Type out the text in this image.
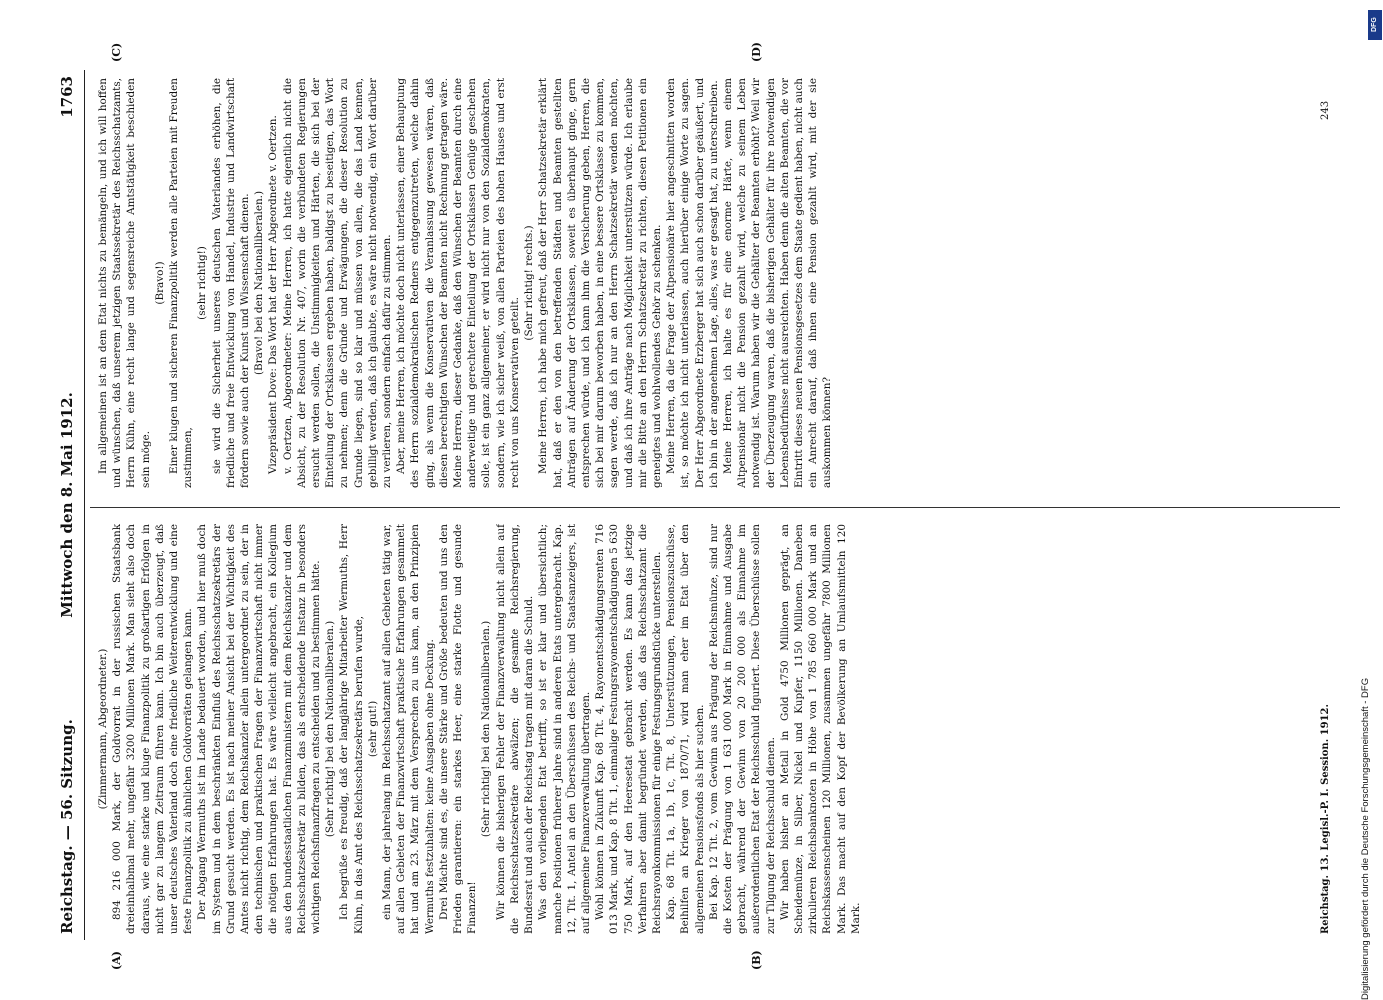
Reichstag. — 56. Sitzung.
Mittwoch den 8. Mai 1912.
1763

(Zimmermann, Abgeordneter.) 894 216 000 Mark, der Goldvorrat in der russischen Staatsbank dreieinhalbmal mehr, ungefähr 3200 Millionen Mark. Man sieht also doch daraus, wie eine starke und kluge Finanzpolitik zu großartigen Erfolgen in nicht gar zu langem Zeitraum führen kann. Ich bin auch überzeugt, daß unser deutsches Vaterland doch eine friedliche Weiterentwicklung und eine feste Finanzpolitik zu ähnlichen Goldvorräten gelangen kann. Der Abgang Wermuths ist im Lande bedauert worden, und hier muß doch im System und in dem beschränkten Einfluß des Reichsschatzsekretärs der Grund gesucht werden. Es ist nach meiner Ansicht bei der Wichtigkeit des Amtes nicht richtig, dem Reichskanzler allein untergeordnet zu sein, der in den technischen und praktischen Fragen der Finanzwirtschaft nicht immer die nötigen Erfahrungen hat. Es wäre vielleicht angebracht, ein Kollegium aus den bundesstaatlichen Finanzministern mit dem Reichskanzler und dem Reichsschatzsekretär zu bilden, das als entscheidende Instanz in besonders wichtigen Reichsfinanzfragen zu entscheiden und zu bestimmen hätte. (Sehr richtig! bei den Nationalliberalen.) Ich begrüße es freudig, daß der langjährige Mitarbeiter Wermuths, Herr Kühn, in das Amt des Reichsschatzsekretärs berufen wurde, (sehr gut!) ein Mann, der jahrelang im Reichsschatzamt auf allen Gebieten tätig war, auf allen Gebieten der Finanzwirtschaft praktische Erfahrungen gesammelt hat und am 23. März mit dem Versprechen zu uns kam, an den Prinzipien Wermuths festzuhalten: keine Ausgaben ohne Deckung. Drei Mächte sind es, die unsere Stärke und Größe bedeuten und uns den Frieden garantieren: ein starkes Heer, eine starke Flotte und gesunde Finanzen!

(Sehr richtig! bei den Nationalliberalen.) Wir können die bisherigen Fehler der Finanzverwaltung nicht allein auf die Reichsschatzsekretäre abwälzen; die gesamte Reichsregierung, Bundesrat und auch der Reichstag tragen mit daran die Schuld. Was den vorliegenden Etat betrifft, so ist er klar und übersichtlich; manche Positionen früherer Jahre sind in anderen Etats untergebracht. Kap. 12, Tit. 1, Anteil an den Überschüssen des Reichs- und Staatsanzeigers, ist auf allgemeine Finanzverwaltung übertragen. Wohl können in Zukunft Kap. 68 Tit. 4, Rayonentschädigungsrenten 716 013 Mark, und Kap. 8 Tit. 1, einmalige Festungsrayonentschädigungen 5 630 750 Mark, auf den Heeresetat gebracht werden. Es kann das jetzige Verfahren aber damit begründet werden, daß das Reichsschatzamt die Reichsrayonkommissionen für einige Festungsgrundstücke unterstellen. Kap. 68 Tit. 1a, 1b, 1c, Tit. 8, Unterstützungen, Pensionszuschüsse, Beihilfen an Krieger von 1870/71, wird man eher im Etat über den allgemeinen Pensionsfonds als hier suchen. Bei Kap. 12 Tit. 2, vom Gewinn aus Prägung der Reichsmünze, sind nur die Kosten der Prägung von 1 631 000 Mark in Einnahme und Ausgabe gebracht, während der Gewinn von 20 200 000 als Einnahme im außerordentlichen Etat der Reichsschuld figuriert. Diese Überschüsse sollen zur Tilgung der Reichsschuld dienen. Wir haben bisher an Metall in Gold 4750 Millionen geprägt, an Scheidemünze, in Silber, Nickel und Kupfer, 1150 Millionen. Daneben zirkulieren Reichsbanknoten in Höhe von 1 785 660 000 Mark und an Reichskassenscheinen 120 Millionen, zusammen ungefähr 7800 Millionen Mark. Das macht auf den Kopf der Bevölkerung an Umlaufsmitteln 120 Mark.

Im allgemeinen ist an dem Etat nichts zu bemängeln, und ich will hoffen und wünschen, daß unserem jetzigen Staatssekretär des Reichsschatzamts, Herrn Kühn, eine recht lange und segensreiche Amtstätigkeit beschieden sein möge.

(Bravo!) Einer klugen und sicheren Finanzpolitik werden alle Parteien mit Freuden zustimmen,

(sehr richtig!) sie wird die Sicherheit unseres deutschen Vaterlandes erhöhen, die friedliche und freie Entwicklung von Handel, Industrie und Landwirtschaft fördern sowie auch der Kunst und Wissenschaft dienen. (Bravo! bei den Nationalliberalen.) Vizepräsident Dove: Das Wort hat der Herr Abgeordnete v. Oertzen. v. Oertzen, Abgeordneter: Meine Herren, ich hatte eigentlich nicht die Absicht, zu der Resolution Nr. 407, worin die verbündeten Regierungen ersucht werden sollen, die Unstimmigkeiten und Härten, die sich bei der Einteilung der Ortsklassen ergeben haben, baldigst zu beseitigen, das Wort zu nehmen; denn die Gründe und Erwägungen, die dieser Resolution zu Grunde liegen, sind so klar und müssen von allen, die das Land kennen, gebilligt werden, daß ich glaubte, es wäre nicht notwendig, ein Wort darüber zu verlieren, sondern einfach dafür zu stimmen. Aber, meine Herren, ich möchte doch nicht unterlassen, einer Behauptung des Herrn sozialdemokratischen Redners entgegenzutreten, welche dahin ging, als wenn die Konservativen die Veranlassung gewesen wären, daß diesen berechtigten Wünschen der Beamten nicht Rechnung getragen wäre. Meine Herren, dieser Gedanke, daß den Wünschen der Beamten durch eine anderweitige und gerechtere Einteilung der Ortsklassen Genüge geschehen solle, ist ein ganz allgemeiner, er wird nicht nur von den Sozialdemokraten, sondern, wie ich sicher weiß, von allen Parteien des hohen Hauses und erst recht von uns Konservativen geteilt.

(Sehr richtig! rechts.) Meine Herren, ich habe mich gefreut, daß der Herr Schatzsekretär erklärt hat, daß er den von den betreffenden Städten und Beamten gestellten Anträgen auf Änderung der Ortsklassen, soweit es überhaupt ginge, gern entsprechen würde, und ich kann ihm die Versicherung geben, Herren, die sich bei mir darum beworben haben, in eine bessere Ortsklasse zu kommen, sagen werde, daß ich nur an den Herrn Schatzsekretär wenden möchten, und daß ich ihre Anträge nach Möglichkeit unterstützen würde. Ich erlaube mir die Bitte an den Herrn Schatzsekretär zu richten, diesen Petitionen ein geneigtes und wohlwollendes Gehör zu schenken. Meine Herren, da die Frage der Altpensionäre hier angeschnitten worden ist, so möchte ich nicht unterlassen, auch hierüber einige Worte zu sagen. Der Herr Abgeordnete Erzberger hat sich auch schon darüber geäußert, und ich bin in der angenehmen Lage, alles, was er gesagt hat, zu unterschreiben. Meine Herren, ich halte es für eine enorme Härte, wenn einem Altpensionär nicht die Pension gezahlt wird, welche zu seinem Leben notwendig ist. Warum haben wir die Gehälter der Beamten erhöht? Weil wir der Überzeugung waren, daß die bisherigen Gehälter für ihre notwendigen Lebensbedürfnisse nicht ausreichten. Haben denn die alten Beamten, die vor Eintritt dieses neuen Pensionsgesetzes dem Staate gedient haben, nicht auch ein Anrecht darauf, daß ihnen eine Pension gezahlt wird, mit der sie auskommen können?

(A)	(B)
(C)	(D)
Reichstag. 13. Legisl.-P. I. Session. 1912.
243
Digitalisierung gefördert durch die Deutsche Forschungsgemeinschaft - DFG
DFG
